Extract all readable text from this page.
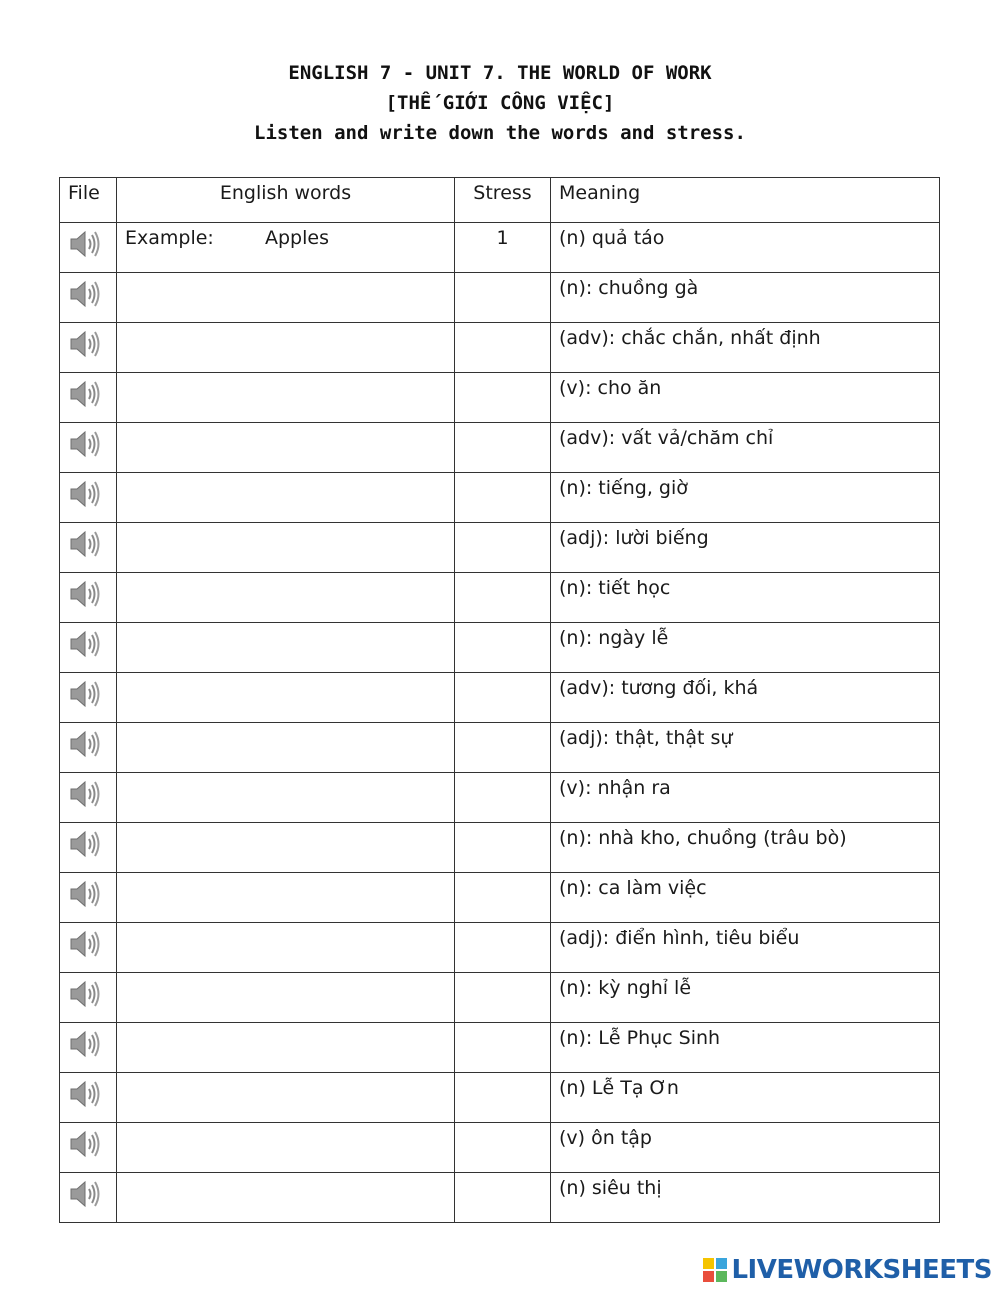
ENGLISH 7 - UNIT 7. THE WORLD OF WORK
[THẾ GIỚI CÔNG VIỆC]
Listen and write down the words and stress.
File	English words	Stress	Meaning

	Example: Apples	1	(n) quả táo

			(n): chuồng gà

			(adv): chắc chắn, nhất định

			(v): cho ăn

			(adv): vất vả/chăm chỉ

			(n): tiếng, giờ

			(adj): lười biếng

			(n): tiết học

			(n): ngày lễ

			(adv): tương đối, khá

			(adj): thật, thật sự

			(v): nhận ra

			(n): nhà kho, chuồng (trâu bò)

			(n): ca làm việc

			(adj): điển hình, tiêu biểu

			(n): kỳ nghỉ lễ

			(n): Lễ Phục Sinh

			(n) Lễ Tạ Ơn

			(v) ôn tập

			(n) siêu thị
LIVEWORKSHEETS
